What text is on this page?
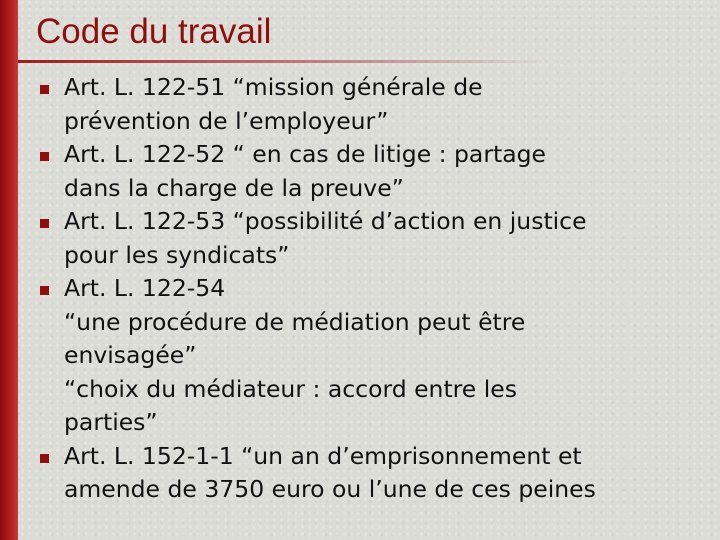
Code du travail
Art. L. 122-51 “mission générale de
prévention de l’employeur”
Art. L. 122-52 “ en cas de litige : partage
dans la charge de la preuve”
Art. L. 122-53 “possibilité d’action en justice
pour les syndicats”
Art. L. 122-54
“une procédure de médiation peut être
envisagée”
“choix du médiateur : accord entre les
parties”
Art. L. 152-1-1 “un an d’emprisonnement et
amende de 3750 euro ou l’une de ces peines
